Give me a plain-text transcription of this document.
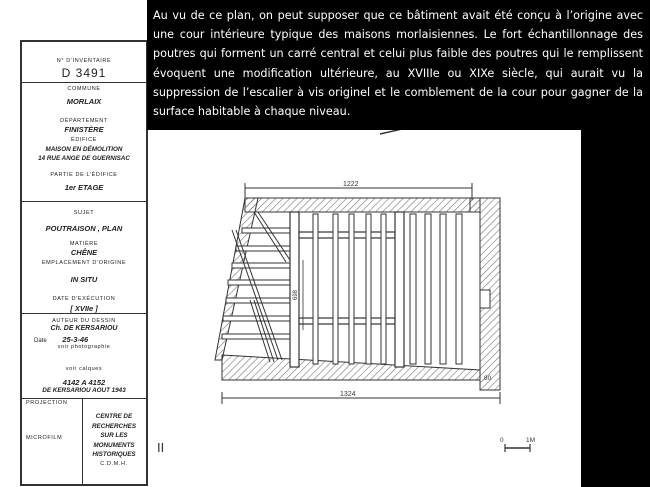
N° D’INVENTAIRE
D 3491
COMMUNE
MORLAIX
DÉPARTEMENT
FINISTÈRE
ÉDIFICE
MAISON EN DÉMOLITION
14 RUE ANGE DE GUERNISAC
PARTIE DE L’ÉDIFICE
1er ETAGE
SUJET
POUTRAISON , PLAN
MATIÈRE
CHÊNE
EMPLACEMENT D’ORIGINE
IN SITU
DATE D’EXÉCUTION
[ XVIIe ]
AUTEUR DU DESSIN
Ch. DE KERSARIOU
Date 25-3-46
voir photographie
voir calques
4142 A 4152
DE KERSARIOU AOUT 1943
PROJECTION
MICROFILM
CENTRE DE
RECHERCHES
SUR LES
MONUMENTS
HISTORIQUES
C.D.M.H.
1222
698
1324
80
II	0	1M
Au vu de ce plan, on peut supposer que ce bâtiment avait été conçu à l’origine avec une cour intérieure typique des maisons morlaisiennes. Le fort échantillonnage des poutres qui forment un carré central et celui plus faible des poutres qui le remplissent évoquent une modification ultérieure, au XVIIIe ou XIXe siècle, qui aurait vu la suppression de l’escalier à vis originel et le comblement de la cour pour gagner de la surface habitable à chaque niveau.
